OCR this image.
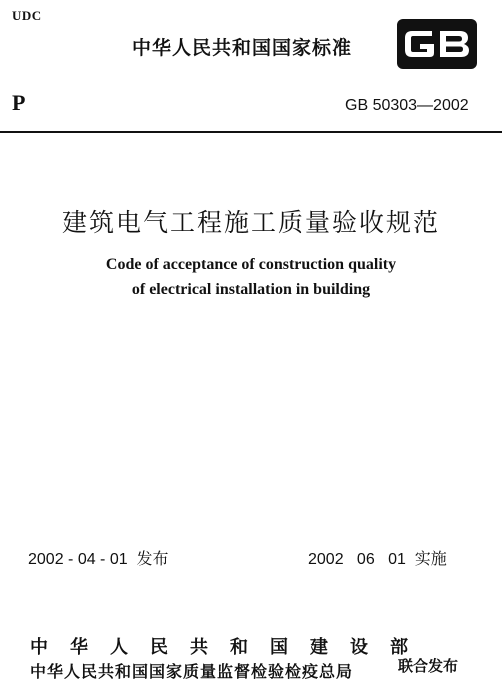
UDC
中华人民共和国国家标准
P	GB 50303—2002
建筑电气工程施工质量验收规范
Code of acceptance of construction quality
of electrical installation in building
2002 - 04 - 01  发布	2002   06   01  实施
中华人民共和国建设部
中华人民共和国国家质量监督检验检疫总局	联合发布
